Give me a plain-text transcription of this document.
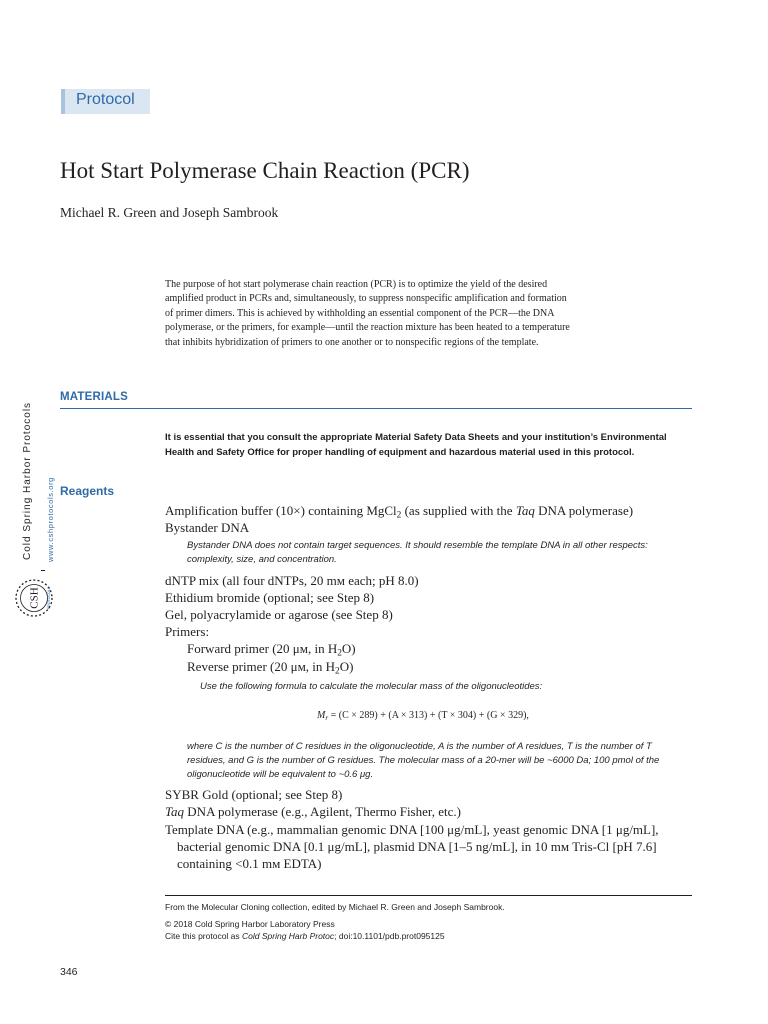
Protocol
Hot Start Polymerase Chain Reaction (PCR)
Michael R. Green and Joseph Sambrook
The purpose of hot start polymerase chain reaction (PCR) is to optimize the yield of the desired
amplified product in PCRs and, simultaneously, to suppress nonspecific amplification and formation
of primer dimers. This is achieved by withholding an essential component of the PCR—the DNA
polymerase, or the primers, for example—until the reaction mixture has been heated to a temperature
that inhibits hybridization of primers to one another or to nonspecific regions of the template.
MATERIALS
It is essential that you consult the appropriate Material Safety Data Sheets and your institution’s Environmental
Health and Safety Office for proper handling of equipment and hazardous material used in this protocol.
Reagents
Amplification buffer (10×) containing MgCl$_2$ (as supplied with the Taq DNA polymerase)
Bystander DNA
Bystander DNA does not contain target sequences. It should resemble the template DNA in all other respects:
complexity, size, and concentration.
dNTP mix (all four dNTPs, 20 mᴍ each; pH 8.0)
Ethidium bromide (optional; see Step 8)
Gel, polyacrylamide or agarose (see Step 8)
Primers:
Forward primer (20 μᴍ, in $H_2O$)
Reverse primer (20 μᴍ, in $H_2O$)
Use the following formula to calculate the molecular mass of the oligonucleotides:
$M_r = (C \times 289) + (A \times 313) + (T \times 304) + (G \times 329)$,
where C is the number of C residues in the oligonucleotide, A is the number of A residues, T is the number of T
residues, and G is the number of G residues. The molecular mass of a 20-mer will be ~6000 Da; 100 pmol of the
oligonucleotide will be equivalent to ~0.6 μg.
SYBR Gold (optional; see Step 8)
Taq DNA polymerase (e.g., Agilent, Thermo Fisher, etc.)
Template DNA (e.g., mammalian genomic DNA [100 μg/mL], yeast genomic DNA [1 μg/mL],
bacterial genomic DNA [0.1 μg/mL], plasmid DNA [1–5 ng/mL], in 10 mᴍ Tris-Cl [pH 7.6]
containing <0.1 mᴍ EDTA)
From the Molecular Cloning collection, edited by Michael R. Green and Joseph Sambrook.
© 2018 Cold Spring Harbor Laboratory Press
Cite this protocol as Cold Spring Harb Protoc; doi:10.1101/pdb.prot095125
346
Cold Spring Harbor Protocols www.cshprotocols.org
CSH PROTOCOLS
